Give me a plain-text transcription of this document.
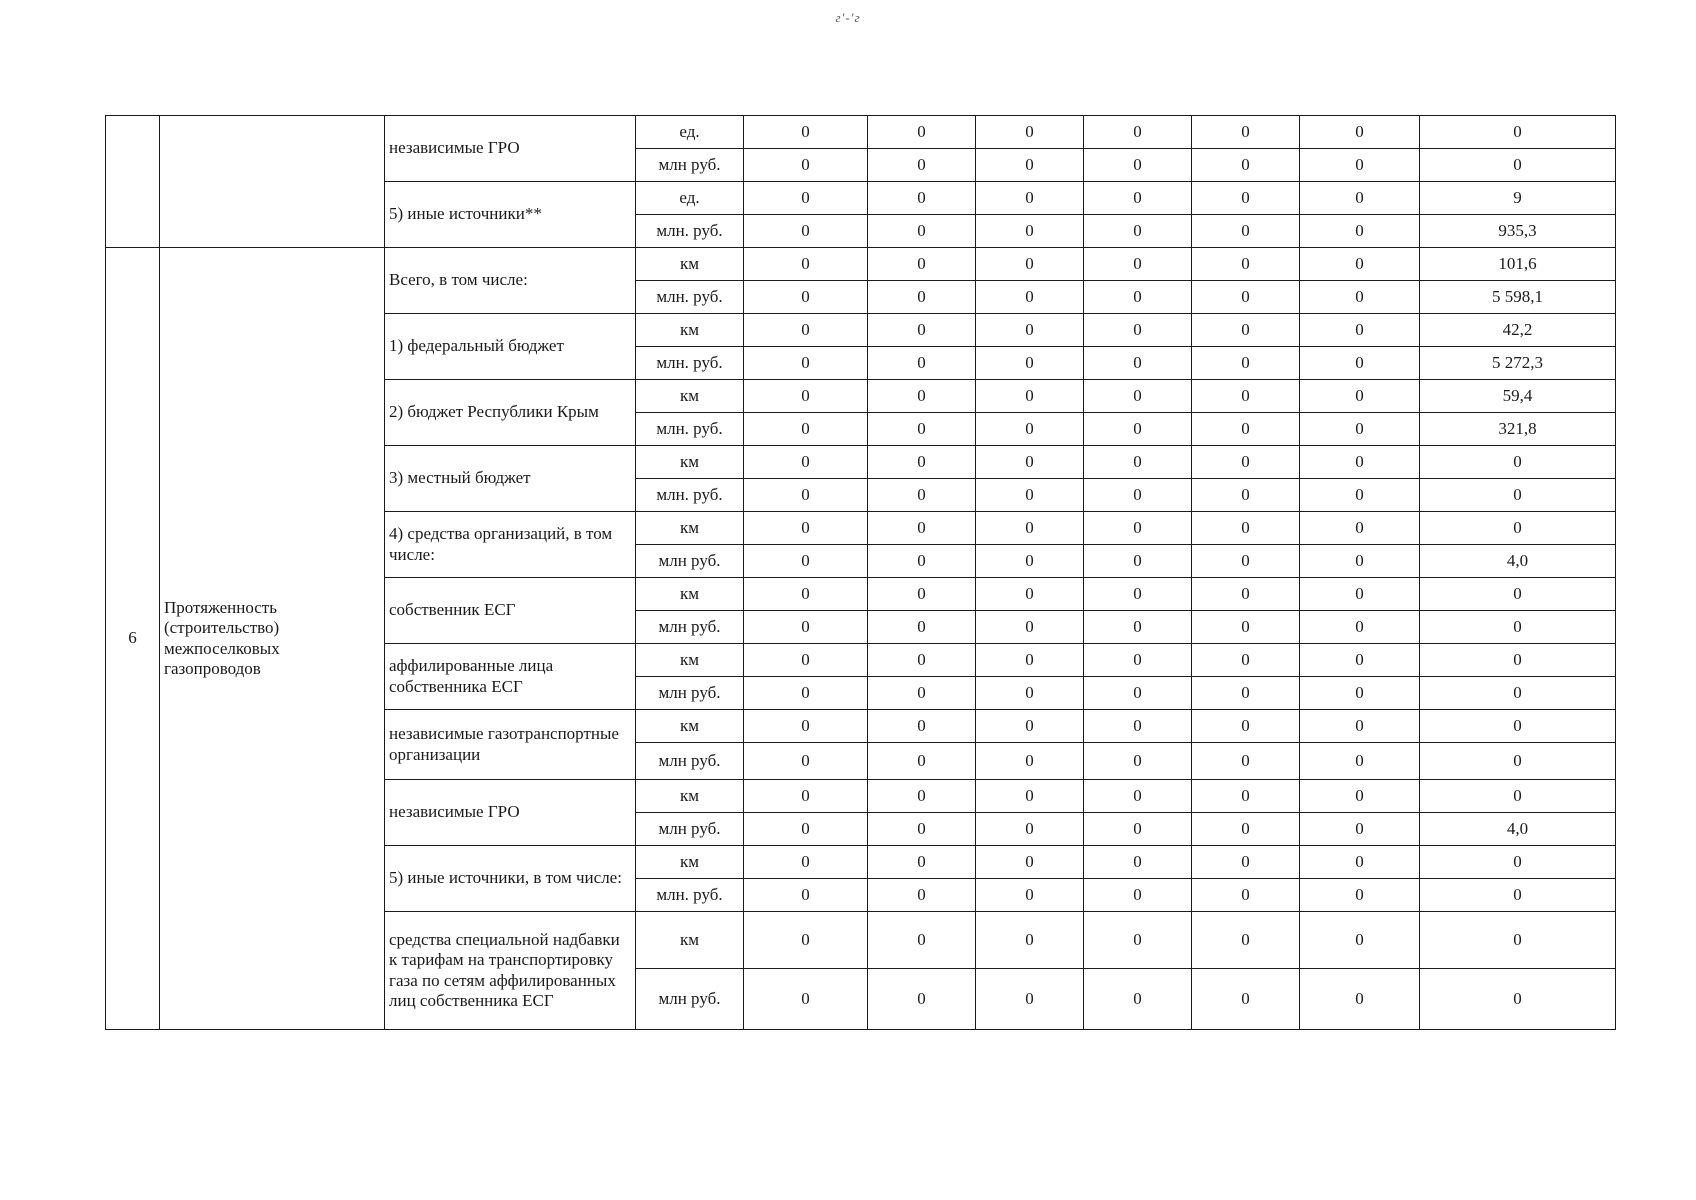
г'-'г
		независимые ГРО	ед.	0	0	0	0	0	0	0
			млн руб.	0	0	0	0	0	0	0
		5) иные источники**	ед.	0	0	0	0	0	0	9
			млн. руб.	0	0	0	0	0	0	935,3
6	Протяженность (строительство) межпоселковых газопроводов	Всего, в том числе:	км	0	0	0	0	0	0	101,6
			млн. руб.	0	0	0	0	0	0	5 598,1
		1) федеральный бюджет	км	0	0	0	0	0	0	42,2
			млн. руб.	0	0	0	0	0	0	5 272,3
		2) бюджет Республики Крым	км	0	0	0	0	0	0	59,4
			млн. руб.	0	0	0	0	0	0	321,8
		3) местный бюджет	км	0	0	0	0	0	0	0
			млн. руб.	0	0	0	0	0	0	0
		4) средства организаций, в том числе:	км	0	0	0	0	0	0	0
			млн руб.	0	0	0	0	0	0	4,0
		собственник ЕСГ	км	0	0	0	0	0	0	0
			млн руб.	0	0	0	0	0	0	0
		аффилированные лица собственника ЕСГ	км	0	0	0	0	0	0	0
			млн руб.	0	0	0	0	0	0	0
		независимые газотранспортные организации	км	0	0	0	0	0	0	0
			млн руб.	0	0	0	0	0	0	0
		независимые ГРО	км	0	0	0	0	0	0	0
			млн руб.	0	0	0	0	0	0	4,0
		5) иные источники, в том числе:	км	0	0	0	0	0	0	0
			млн. руб.	0	0	0	0	0	0	0
		средства специальной надбавки к тарифам на транспортировку газа по сетям аффилированных лиц собственника ЕСГ	км	0	0	0	0	0	0	0
			млн руб.	0	0	0	0	0	0	0
